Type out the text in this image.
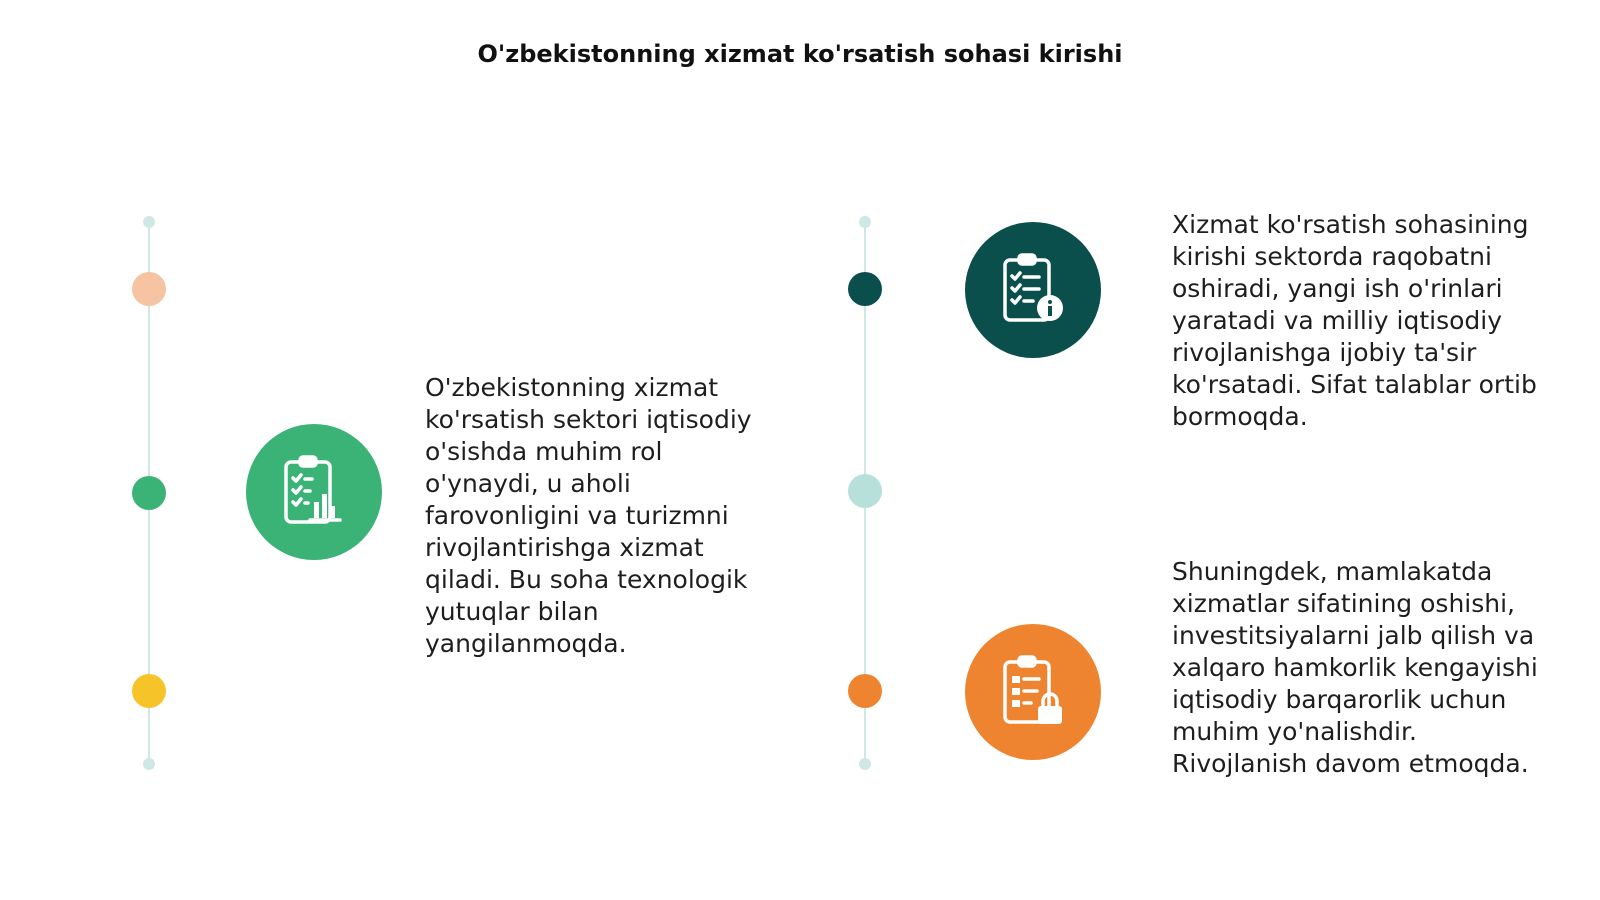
O'zbekistonning xizmat ko'rsatish sohasi kirishi
O'zbekistonning xizmat ko'rsatish sektori iqtisodiy o'sishda muhim rol o'ynaydi, u aholi farovonligini va turizmni rivojlantirishga xizmat qiladi. Bu soha texnologik yutuqlar bilan yangilanmoqda.
Xizmat ko'rsatish sohasining kirishi sektorda raqobatni oshiradi, yangi ish o'rinlari yaratadi va milliy iqtisodiy rivojlanishga ijobiy ta'sir ko'rsatadi. Sifat talablar ortib bormoqda.
Shuningdek, mamlakatda xizmatlar sifatining oshishi, investitsiyalarni jalb qilish va xalqaro hamkorlik kengayishi iqtisodiy barqarorlik uchun muhim yo'nalishdir. Rivojlanish davom etmoqda.
